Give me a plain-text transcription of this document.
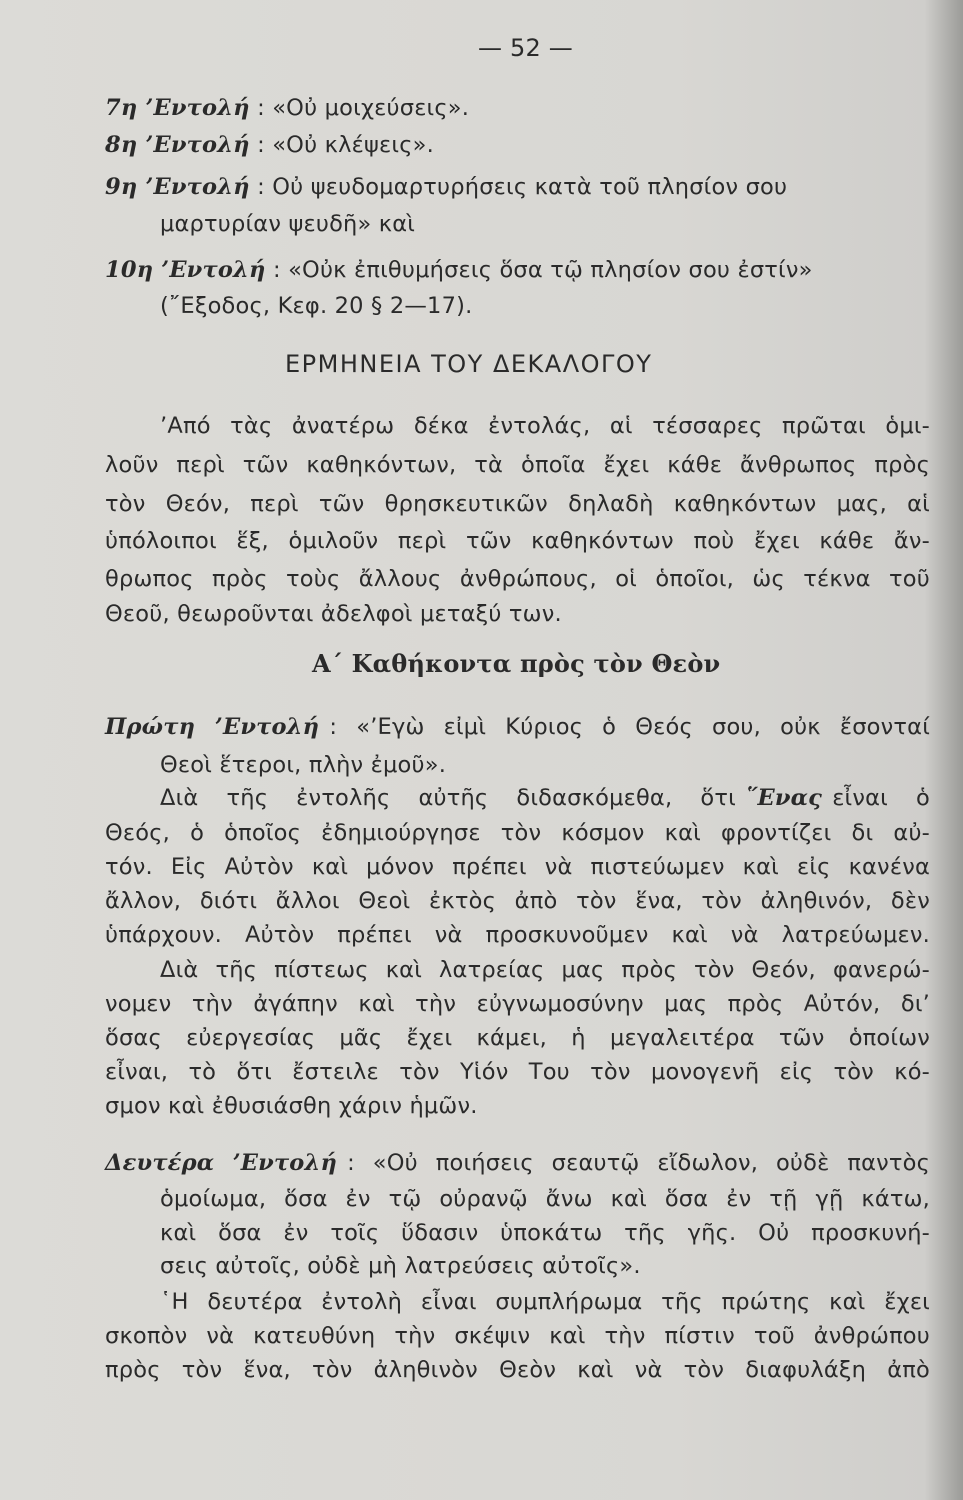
— 52 —
7η ’Εντολή : «Οὐ μοιχεύσεις».
8η ’Εντολή : «Οὐ κλέψεις».
9η ’Εντολή : Οὐ ψευδομαρτυρήσεις κατὰ τοῦ πλησίον σου
μαρτυρίαν ψευδῆ» καὶ
10η ’Εντολή : «Οὐκ ἐπιθυμήσεις ὅσα τῷ πλησίον σου ἐστίν»
(῎Εξοδος, Κεφ. 20 § 2—17).
ΕΡΜΗΝΕΙΑ ΤΟΥ ΔΕΚΑΛΟΓΟΥ
’Από τὰς ἀνατέρω δέκα ἐντολάς, αἱ τέσσαρες πρῶται ὁμι-
λοῦν περὶ τῶν καθηκόντων, τὰ ὁποῖα ἔχει κάθε ἄνθρωπος πρὸς
τὸν Θεόν, περὶ τῶν θρησκευτικῶν δηλαδὴ καθηκόντων μας, αἱ
ὑπόλοιποι ἕξ, ὁμιλοῦν περὶ τῶν καθηκόντων ποὺ ἔχει κάθε ἄν-
θρωπος πρὸς τοὺς ἄλλους ἀνθρώπους, οἱ ὁποῖοι, ὡς τέκνα τοῦ
Θεοῦ, θεωροῦνται ἀδελφοὶ μεταξύ των.
Α΄ Καθήκοντα πρὸς τὸν Θεὸν
Πρώτη ’Εντολή : «’Εγὼ εἰμὶ Κύριος ὁ Θεός σου, οὐκ ἔσονταί
Θεοὶ ἕτεροι, πλὴν ἐμοῦ».
Διὰ τῆς ἐντολῆς αὐτῆς διδασκόμεθα, ὅτι ῞Ενας εἶναι ὁ
Θεός, ὁ ὁποῖος ἐδημιούργησε τὸν κόσμον καὶ φροντίζει δι αὐ-
τόν. Εἰς Αὐτὸν καὶ μόνον πρέπει νὰ πιστεύωμεν καὶ εἰς κανένα
ἄλλον, διότι ἄλλοι Θεοὶ ἐκτὸς ἀπὸ τὸν ἕνα, τὸν ἀληθινόν, δὲν
ὑπάρχουν. Αὐτὸν πρέπει νὰ προσκυνοῦμεν καὶ νὰ λατρεύωμεν.
Διὰ τῆς πίστεως καὶ λατρείας μας πρὸς τὸν Θεόν, φανερώ-
νομεν τὴν ἀγάπην καὶ τὴν εὐγνωμοσύνην μας πρὸς Αὐτόν, δι’
ὅσας εὐεργεσίας μᾶς ἔχει κάμει, ἡ μεγαλειτέρα τῶν ὁποίων
εἶναι, τὸ ὅτι ἔστειλε τὸν Υἱόν Του τὸν μονογενῆ εἰς τὸν κό-
σμον καὶ ἐθυσιάσθη χάριν ἡμῶν.
Δευτέρα ’Εντολή : «Οὐ ποιήσεις σεαυτῷ εἴδωλον, οὐδὲ παντὸς
ὁμοίωμα, ὅσα ἐν τῷ οὐρανῷ ἄνω καὶ ὅσα ἐν τῇ γῇ κάτω,
καὶ ὅσα ἐν τοῖς ὕδασιν ὑποκάτω τῆς γῆς. Οὐ προσκυνή-
σεις αὐτοῖς, οὐδὲ μὴ λατρεύσεις αὐτοῖς».
῾Η δευτέρα ἐντολὴ εἶναι συμπλήρωμα τῆς πρώτης καὶ ἔχει
σκοπὸν νὰ κατευθύνη τὴν σκέψιν καὶ τὴν πίστιν τοῦ ἀνθρώπου
πρὸς τὸν ἕνα, τὸν ἀληθινὸν Θεὸν καὶ νὰ τὸν διαφυλάξη ἀπὸ
